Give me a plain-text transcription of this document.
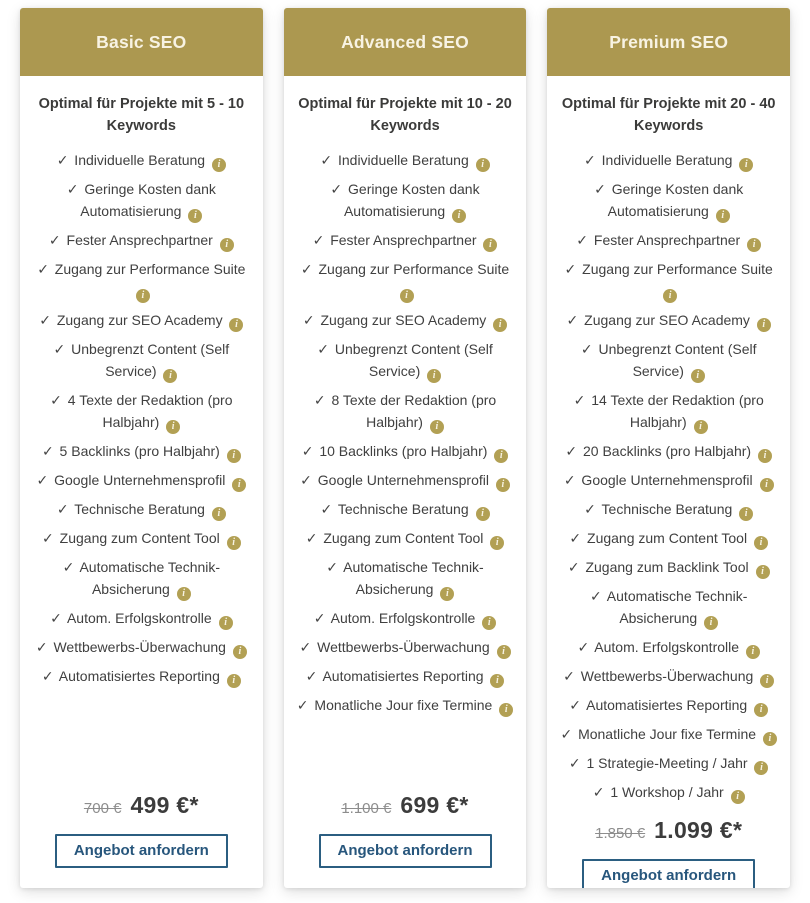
Basic SEO
Optimal für Projekte mit 5 - 10 Keywords
✓ Individuelle Beratung i
✓ Geringe Kosten dank Automatisierung i
✓ Fester Ansprechpartner i
✓ Zugang zur Performance Suite i
✓ Zugang zur SEO Academy i
✓ Unbegrenzt Content (Self Service) i
✓ 4 Texte der Redaktion (pro Halbjahr) i
✓ 5 Backlinks (pro Halbjahr) i
✓ Google Unternehmensprofil i
✓ Technische Beratung i
✓ Zugang zum Content Tool i
✓ Automatische Technik-Absicherung i
✓ Autom. Erfolgskontrolle i
✓ Wettbewerbs-Überwachung i
✓ Automatisiertes Reporting i
700 € 499 €*
Angebot anfordern
Advanced SEO
Optimal für Projekte mit 10 - 20 Keywords
✓ Individuelle Beratung i
✓ Geringe Kosten dank Automatisierung i
✓ Fester Ansprechpartner i
✓ Zugang zur Performance Suite i
✓ Zugang zur SEO Academy i
✓ Unbegrenzt Content (Self Service) i
✓ 8 Texte der Redaktion (pro Halbjahr) i
✓ 10 Backlinks (pro Halbjahr) i
✓ Google Unternehmensprofil i
✓ Technische Beratung i
✓ Zugang zum Content Tool i
✓ Automatische Technik-Absicherung i
✓ Autom. Erfolgskontrolle i
✓ Wettbewerbs-Überwachung i
✓ Automatisiertes Reporting i
✓ Monatliche Jour fixe Termine i
1.100 € 699 €*
Angebot anfordern
Premium SEO
Optimal für Projekte mit 20 - 40 Keywords
✓ Individuelle Beratung i
✓ Geringe Kosten dank Automatisierung i
✓ Fester Ansprechpartner i
✓ Zugang zur Performance Suite i
✓ Zugang zur SEO Academy i
✓ Unbegrenzt Content (Self Service) i
✓ 14 Texte der Redaktion (pro Halbjahr) i
✓ 20 Backlinks (pro Halbjahr) i
✓ Google Unternehmensprofil i
✓ Technische Beratung i
✓ Zugang zum Content Tool i
✓ Zugang zum Backlink Tool i
✓ Automatische Technik-Absicherung i
✓ Autom. Erfolgskontrolle i
✓ Wettbewerbs-Überwachung i
✓ Automatisiertes Reporting i
✓ Monatliche Jour fixe Termine i
✓ 1 Strategie-Meeting / Jahr i
✓ 1 Workshop / Jahr i
1.850 € 1.099 €*
Angebot anfordern
